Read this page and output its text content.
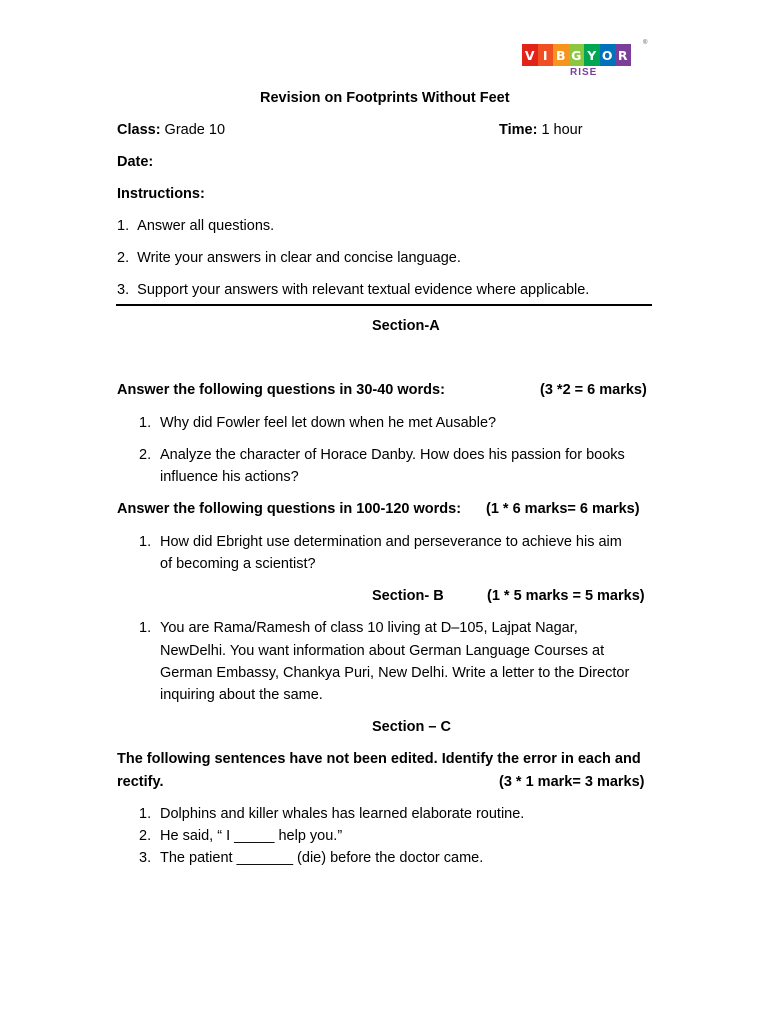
V I B G Y O R
RISE
®
Revision on Footprints Without Feet
Class: Grade 10	Time: 1 hour
Date:
Instructions:
1. Answer all questions.
2. Write your answers in clear and concise language.
3. Support your answers with relevant textual evidence where applicable.
Section-A
Answer the following questions in 30-40 words:	(3 *2 = 6 marks)
1. Why did Fowler feel let down when he met Ausable?
2. Analyze the character of Horace Danby. How does his passion for books
influence his actions?
Answer the following questions in 100-120 words: (1 * 6 marks= 6 marks)
1. How did Ebright use determination and perseverance to achieve his aim
of becoming a scientist?
Section- B	(1 * 5 marks = 5 marks)
1. You are Rama/Ramesh of class 10 living at D–105, Lajpat Nagar,
NewDelhi. You want information about German Language Courses at
German Embassy, Chankya Puri, New Delhi. Write a letter to the Director
inquiring about the same.
Section – C
The following sentences have not been edited. Identify the error in each and
rectify.	(3 * 1 mark= 3 marks)
1. Dolphins and killer whales has learned elaborate routine.
2. He said, “ I _____ help you.”
3. The patient _______ (die) before the doctor came.
